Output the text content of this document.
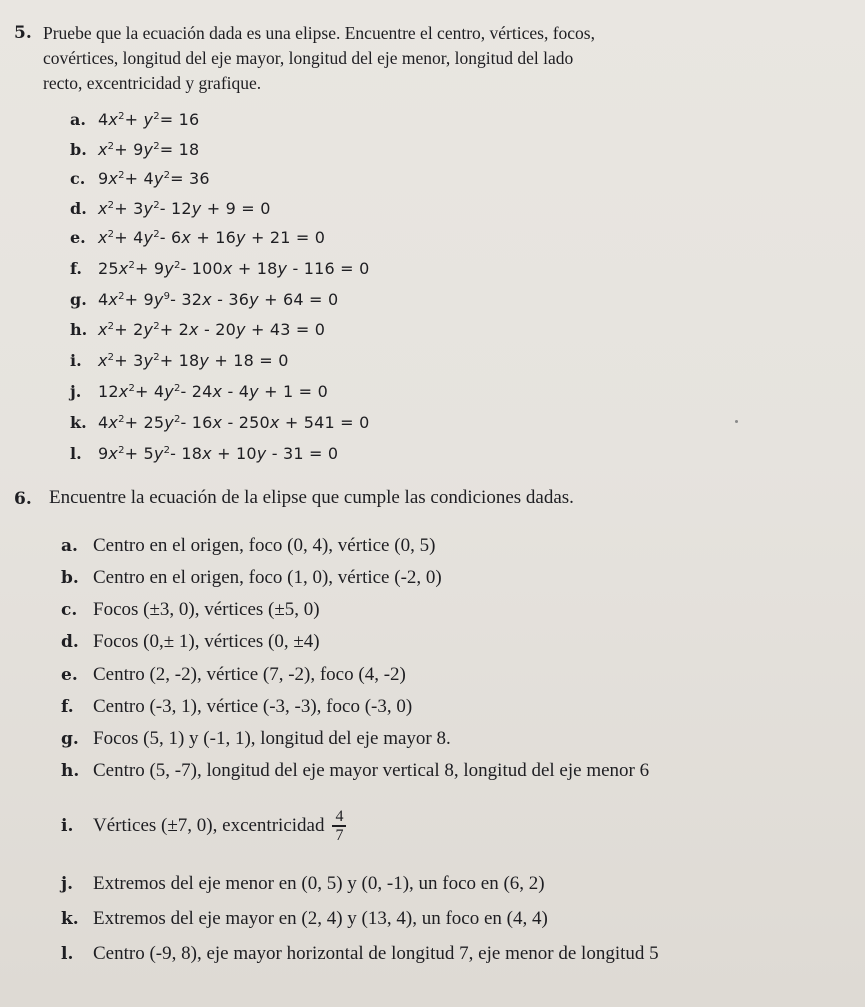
5. Pruebe que la ecuación dada es una elipse. Encuentre el centro, vértices, focos,
covértices, longitud del eje mayor, longitud del eje menor, longitud del lado
recto, excentricidad y grafique.
a. $4x^2+ y^2= 16$
b. $x^2+ 9y^2= 18$
c. $9x^2+ 4y^2= 36$
d. $x^2+ 3y^2-$ 12y + 9 = 0
e. $x^2+ 4y^2-$ 6x + 16y + 21 = 0
f.	$25x^2+ 9y^2-$ 100x + 18y - 116 = 0
g. $4x^2+ 9y^9-$ 32x - 36y + 64 = 0
h. $x^2+ 2y^2+ 2x - 20y + 43 = 0$
i.	$x^2+ 3y^2+ 18y + 18 = 0$
j.	$12x^2+ 4y^2-$ 24x - 4y + 1 = 0
k. $4x^2+ 25y^2-$ 16x - 250x + 541 = 0
l.	$9x^2+ 5y^2-$ 18x + 10y - 31 = 0
6. Encuentre la ecuación de la elipse que cumple las condiciones dadas.
a. Centro en el origen, foco (0, 4), vértice (0, 5)
b. Centro en el origen, foco (1, 0), vértice (-2, 0)
c. Focos (±3, 0), vértices (±5, 0)
d. Focos (0,± 1), vértices (0, ±4)
e. Centro (2, -2), vértice (7, -2), foco (4, -2)
f.	Centro (-3, 1), vértice (-3, -3), foco (-3, 0)
g. Focos (5, 1) y (-1, 1), longitud del eje mayor 8.
h. Centro (5, -7), longitud del eje mayor vertical 8, longitud del eje menor 6
i.	Vértices (±7, 0), excentricidad $\frac{4}{7}$
j.	Extremos del eje menor en (0, 5) y (0, -1), un foco en (6, 2)
k. Extremos del eje mayor en (2, 4) y (13, 4), un foco en (4, 4)
l.	Centro (-9, 8), eje mayor horizontal de longitud 7, eje menor de longitud 5
